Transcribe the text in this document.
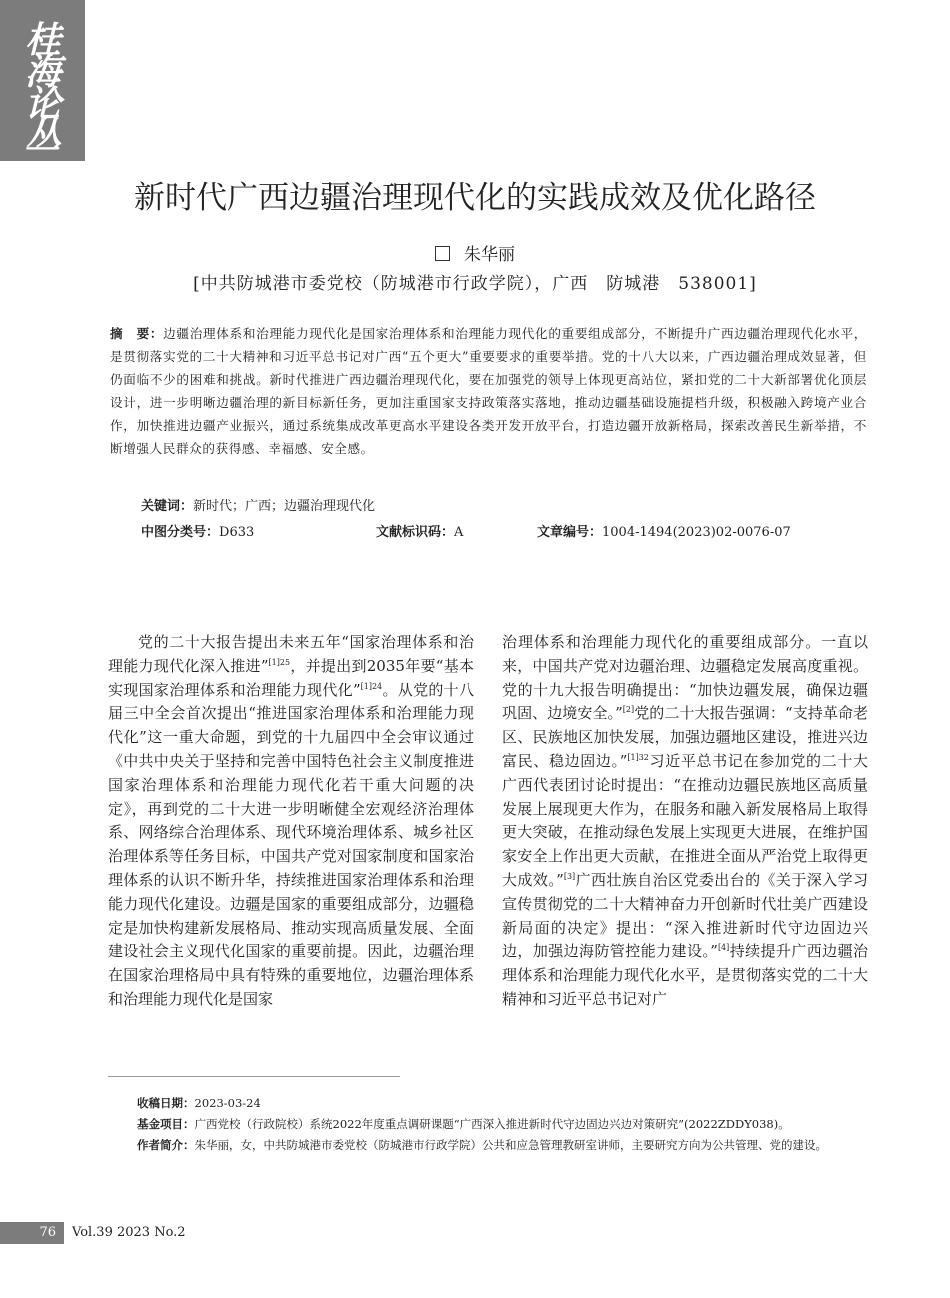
桂
海
论
丛
新时代广西边疆治理现代化的实践成效及优化路径
朱华丽
[中共防城港市委党校（防城港市行政学院），广西　防城港　538001]
摘　要：边疆治理体系和治理能力现代化是国家治理体系和治理能力现代化的重要组成部分，不断提升广西边疆治理现代化水平，是贯彻落实党的二十大精神和习近平总书记对广西“五个更大”重要要求的重要举措。党的十八大以来，广西边疆治理成效显著，但仍面临不少的困难和挑战。新时代推进广西边疆治理现代化，要在加强党的领导上体现更高站位，紧扣党的二十大新部署优化顶层设计，进一步明晰边疆治理的新目标新任务，更加注重国家支持政策落实落地，推动边疆基础设施提档升级，积极融入跨境产业合作，加快推进边疆产业振兴，通过系统集成改革更高水平建设各类开发开放平台，打造边疆开放新格局，探索改善民生新举措，不断增强人民群众的获得感、幸福感、安全感。
关键词：新时代；广西；边疆治理现代化
中图分类号：D633	文献标识码：A	文章编号：1004-1494(2023)02-0076-07

党的二十大报告提出未来五年“国家治理体系和治理能力现代化深入推进”$^{[1]25}$，并提出到2035年要“基本实现国家治理体系和治理能力现代化”$^{[1]24}$。从党的十八届三中全会首次提出“推进国家治理体系和治理能力现代化”这一重大命题，到党的十九届四中全会审议通过《中共中央关于坚持和完善中国特色社会主义制度推进国家治理体系和治理能力现代化若干重大问题的决定》，再到党的二十大进一步明晰健全宏观经济治理体系、网络综合治理体系、现代环境治理体系、城乡社区治理体系等任务目标，中国共产党对国家制度和国家治理体系的认识不断升华，持续推进国家治理体系和治理能力现代化建设。边疆是国家的重要组成部分，边疆稳定是加快构建新发展格局、推动实现高质量发展、全面建设社会主义现代化国家的重要前提。因此，边疆治理在国家治理格局中具有特殊的重要地位，边疆治理体系和治理能力现代化是国家

治理体系和治理能力现代化的重要组成部分。一直以来，中国共产党对边疆治理、边疆稳定发展高度重视。党的十九大报告明确提出：“加快边疆发展，确保边疆巩固、边境安全。”[2]党的二十大报告强调：“支持革命老区、民族地区加快发展，加强边疆地区建设，推进兴边富民、稳边固边。”$^{[1]32}$习近平总书记在参加党的二十大广西代表团讨论时提出：“在推动边疆民族地区高质量发展上展现更大作为，在服务和融入新发展格局上取得更大突破，在推动绿色发展上实现更大进展，在维护国家安全上作出更大贡献，在推进全面从严治党上取得更大成效。”[3]广西壮族自治区党委出台的《关于深入学习宣传贯彻党的二十大精神奋力开创新时代壮美广西建设新局面的决定》提出：“深入推进新时代守边固边兴边，加强边海防管控能力建设。”[4]持续提升广西边疆治理体系和治理能力现代化水平，是贯彻落实党的二十大精神和习近平总书记对广

收稿日期：2023-03-24
基金项目：广西党校（行政院校）系统2022年度重点调研课题“广西深入推进新时代守边固边兴边对策研究”(2022ZDDY038)。
作者简介：朱华丽，女，中共防城港市委党校（防城港市行政学院）公共和应急管理教研室讲师，主要研究方向为公共管理、党的建设。
76	Vol.39 2023 No.2
